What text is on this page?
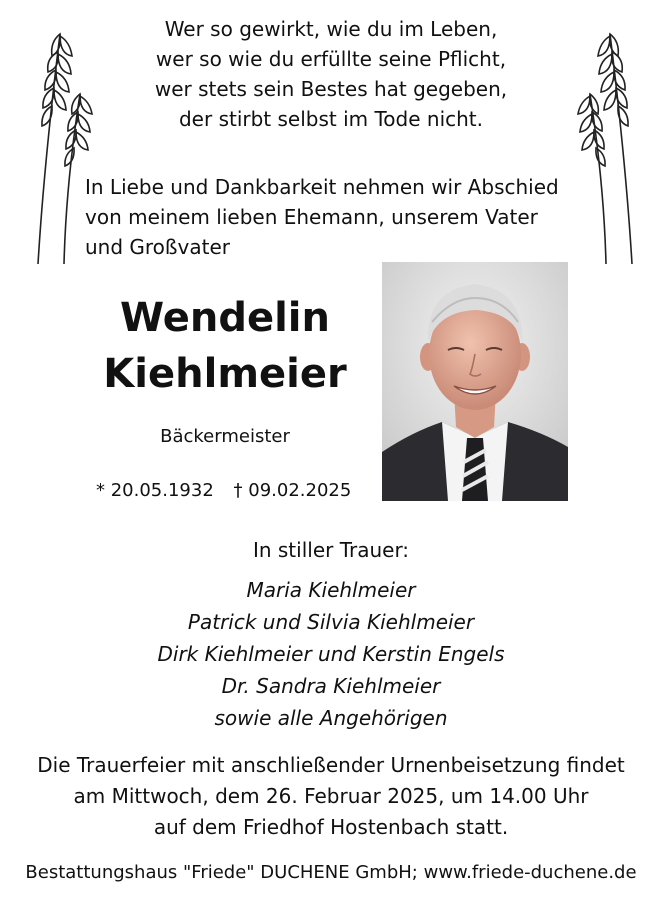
Wer so gewirkt, wie du im Leben,
wer so wie du erfüllte seine Pflicht,
wer stets sein Bestes hat gegeben,
der stirbt selbst im Tode nicht.
In Liebe und Dankbarkeit nehmen wir Abschied
von meinem lieben Ehemann, unserem Vater
und Großvater
Wendelin
Kiehlmeier
Bäckermeister
* 20.05.1932 † 09.02.2025
In stiller Trauer:
Maria Kiehlmeier
Patrick und Silvia Kiehlmeier
Dirk Kiehlmeier und Kerstin Engels
Dr. Sandra Kiehlmeier
sowie alle Angehörigen
Die Trauerfeier mit anschließender Urnenbeisetzung findet
am Mittwoch, dem 26. Februar 2025, um 14.00 Uhr
auf dem Friedhof Hostenbach statt.
Bestattungshaus "Friede" DUCHENE GmbH; www.friede-duchene.de
